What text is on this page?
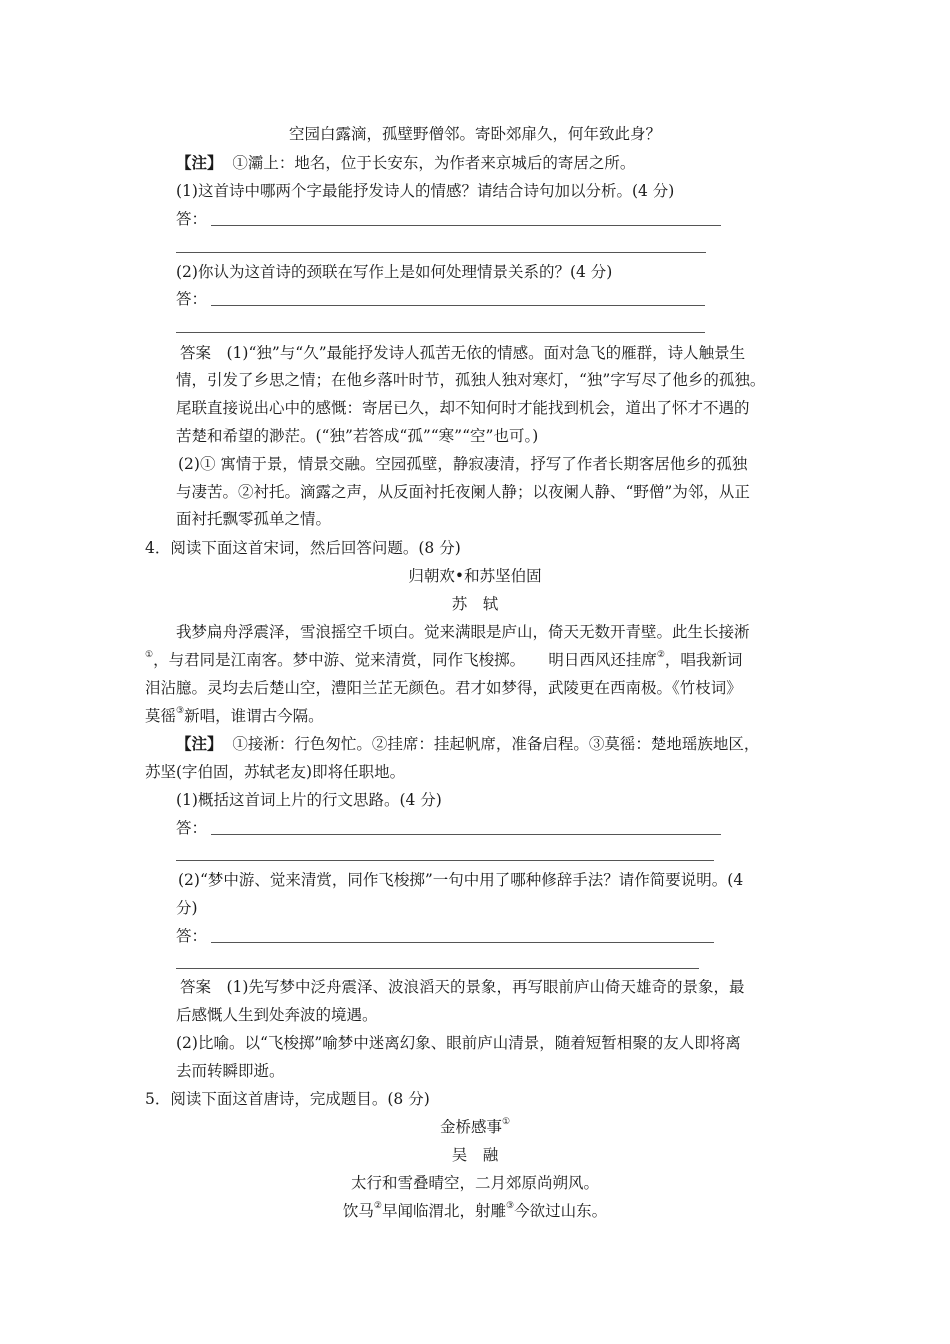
空园白露滴，孤壁野僧邻。寄卧郊扉久，何年致此身？
【注】 ①灞上：地名，位于长安东，为作者来京城后的寄居之所。
(1)这首诗中哪两个字最能抒发诗人的情感？请结合诗句加以分析。(4 分)
答：
(2)你认为这首诗的颈联在写作上是如何处理情景关系的？(4 分)
答：
答案　(1)“独”与“久”最能抒发诗人孤苦无依的情感。面对急飞的雁群，诗人触景生
情，引发了乡思之情；在他乡落叶时节，孤独人独对寒灯，“独”字写尽了他乡的孤独。
尾联直接说出心中的感慨：寄居已久，却不知何时才能找到机会，道出了怀才不遇的
苦楚和希望的渺茫。(“独”若答成“孤”“寒”“空”也可。)
(2)① 寓情于景，情景交融。空园孤壁，静寂凄清，抒写了作者长期客居他乡的孤独
与凄苦。②衬托。滴露之声，从反面衬托夜阑人静；以夜阑人静、“野僧”为邻，从正
面衬托飘零孤单之情。
4．阅读下面这首宋词，然后回答问题。(8 分)
归朝欢•和苏坚伯固
苏　轼
我梦扁舟浮震泽，雪浪摇空千顷白。觉来满眼是庐山，倚天无数开青壁。此生长接淅
①，与君同是江南客。梦中游、觉来清赏，同作飞梭掷。　　明日西风还挂席②，唱我新词
泪沾臆。灵均去后楚山空，澧阳兰芷无颜色。君才如梦得，武陵更在西南极。《竹枝词》
莫徭③新唱，谁谓古今隔。
【注】 ①接淅：行色匆忙。②挂席：挂起帆席，准备启程。③莫徭：楚地瑶族地区，
苏坚(字伯固，苏轼老友)即将任职地。
(1)概括这首词上片的行文思路。(4 分)
答：
(2)“梦中游、觉来清赏，同作飞梭掷”一句中用了哪种修辞手法？请作简要说明。(4
分)
答：
答案　(1)先写梦中泛舟震泽、波浪滔天的景象，再写眼前庐山倚天雄奇的景象，最
后感慨人生到处奔波的境遇。
(2)比喻。以“飞梭掷”喻梦中迷离幻象、眼前庐山清景，随着短暂相聚的友人即将离
去而转瞬即逝。
5．阅读下面这首唐诗，完成题目。(8 分)
金桥感事①
吴　融
太行和雪叠晴空，二月郊原尚朔风。
饮马②早闻临渭北，射雕③今欲过山东。
